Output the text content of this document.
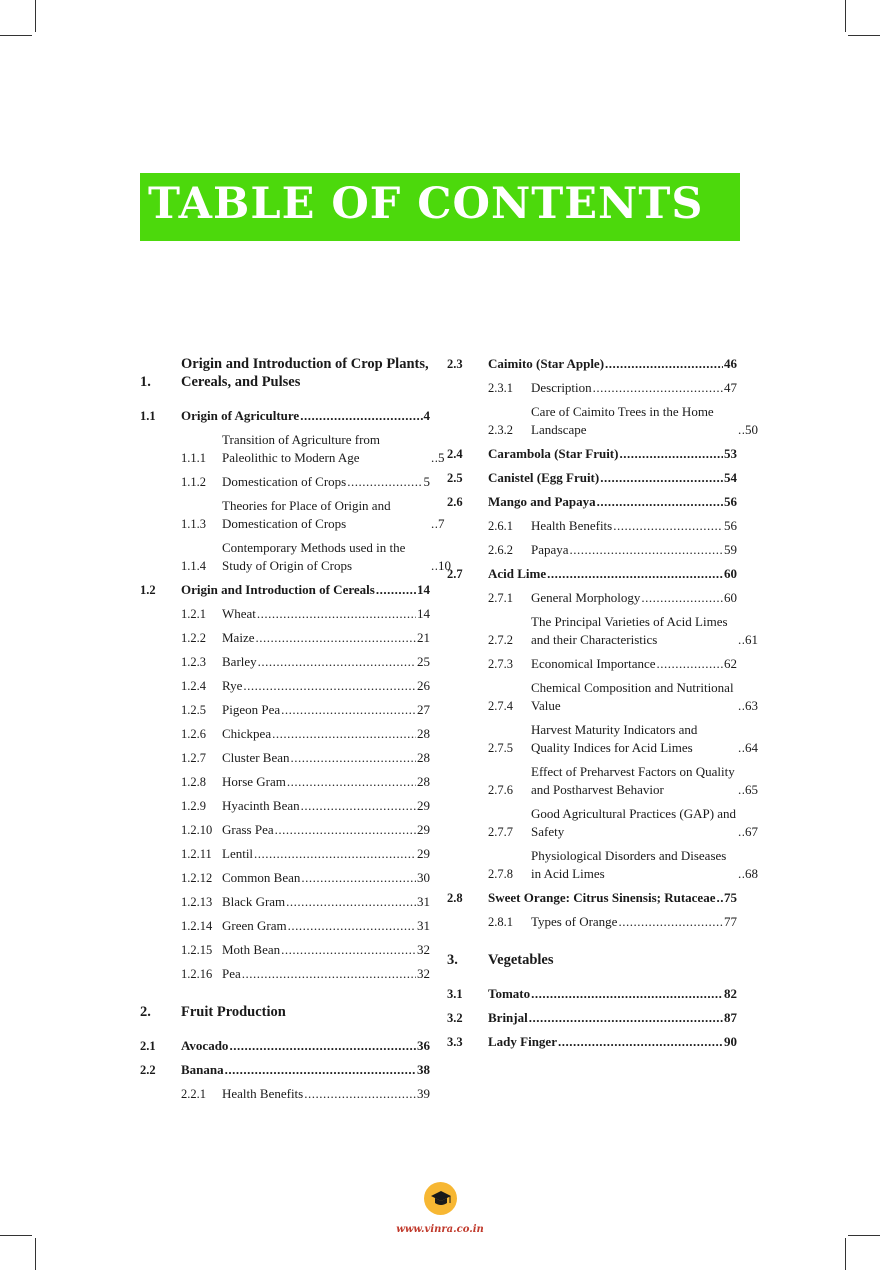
TABLE OF CONTENTS
1.
Origin and Introduction of Crop Plants, Cereals, and Pulses
1.1	Origin of Agriculture .....	4
1.1.1
Transition of Agriculture from Paleolithic to Modern Age .....	5
1.1.2	Domestication of Crops .....	5
1.1.3
Theories for Place of Origin and Domestication of Crops .....	7
1.1.4
Contemporary Methods used in the Study of Origin of Crops .....	10
1.2	Origin and Introduction of Cereals .....	14
1.2.1	Wheat .....	14
1.2.2	Maize .....	21
1.2.3	Barley .....	25
1.2.4	Rye .....	26
1.2.5	Pigeon Pea .....	27
1.2.6	Chickpea .....	28
1.2.7	Cluster Bean .....	28
1.2.8	Horse Gram .....	28
1.2.9	Hyacinth Bean .....	29
1.2.10 Grass Pea .....	29
1.2.11 Lentil .....	29
1.2.12 Common Bean .....	30
1.2.13 Black Gram .....	31
1.2.14 Green Gram .....	31
1.2.15 Moth Bean .....	32
1.2.16 Pea .....	32
2.	Fruit Production
2.1	Avocado .....	36
2.2	Banana .....	38
2.2.1	Health Benefits .....	39
2.3	Caimito (Star Apple) .....	46
2.3.1	Description .....	47
2.3.2
Care of Caimito Trees in the Home Landscape .....	50
2.4	Carambola (Star Fruit) .....	53
2.5	Canistel (Egg Fruit) .....	54
2.6	Mango and Papaya .....	56
2.6.1	Health Benefits .....	56
2.6.2	Papaya .....	59
2.7	Acid Lime .....	60
2.7.1	General Morphology .....	60
2.7.2
The Principal Varieties of Acid Limes and their Characteristics .....	61
2.7.3	Economical Importance .....	62
2.7.4
Chemical Composition and Nutritional Value .....	63
2.7.5
Harvest Maturity Indicators and Quality Indices for Acid Limes .....	64
2.7.6
Effect of Preharvest Factors on Quality and Postharvest Behavior .....	65
2.7.7
Good Agricultural Practices (GAP) and Safety .....	67
2.7.8
Physiological Disorders and Diseases in Acid Limes .....	68
2.8	Sweet Orange: Citrus Sinensis; Rutaceae ..... 75
2.8.1	Types of Orange .....	77
3.	Vegetables
3.1	Tomato .....	82
3.2	Brinjal .....	87
3.3	Lady Finger .....	90
www.vinra.co.in
